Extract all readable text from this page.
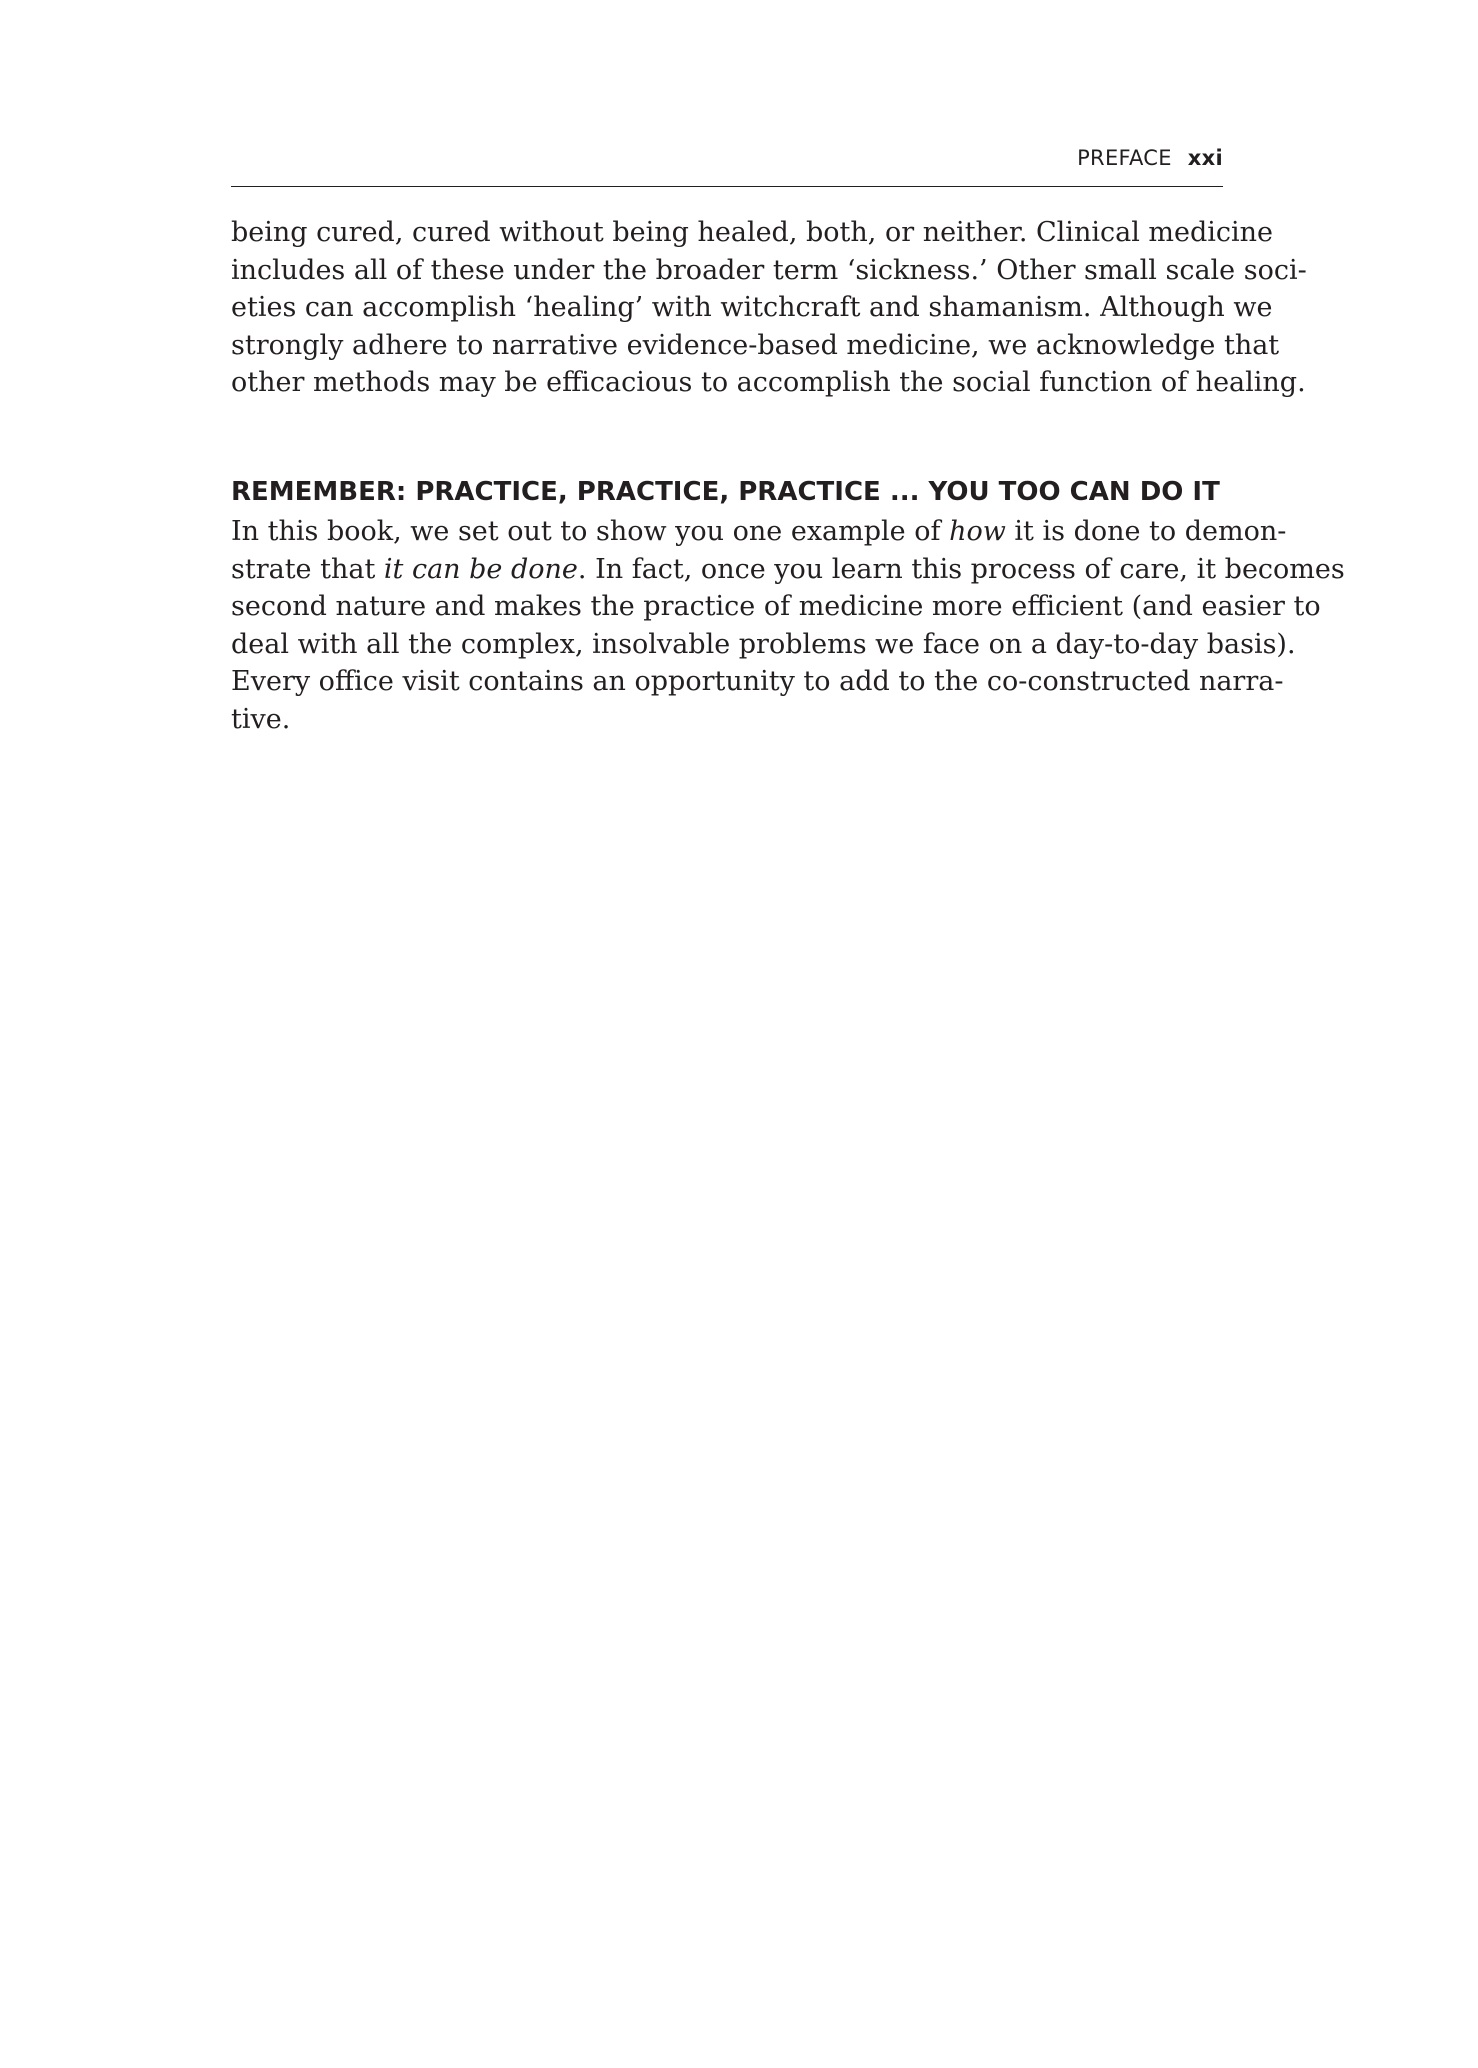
PREFACE xxi

being cured, cured without being healed, both, or neither. Clinical medicine
includes all of these under the broader term ‘sickness.’ Other small scale soci-
eties can accomplish ‘healing’ with witchcraft and shamanism. Although we
strongly adhere to narrative evidence-based medicine, we acknowledge that
other methods may be efficacious to accomplish the social function of healing.

REMEMBER: PRACTICE, PRACTICE, PRACTICE ... YOU TOO CAN DO IT

In this book, we set out to show you one example of how it is done to demon-
strate that it can be done. In fact, once you learn this process of care, it becomes
second nature and makes the practice of medicine more efficient (and easier to
deal with all the complex, insolvable problems we face on a day-to-day basis).
Every office visit contains an opportunity to add to the co-constructed narra-
tive.
